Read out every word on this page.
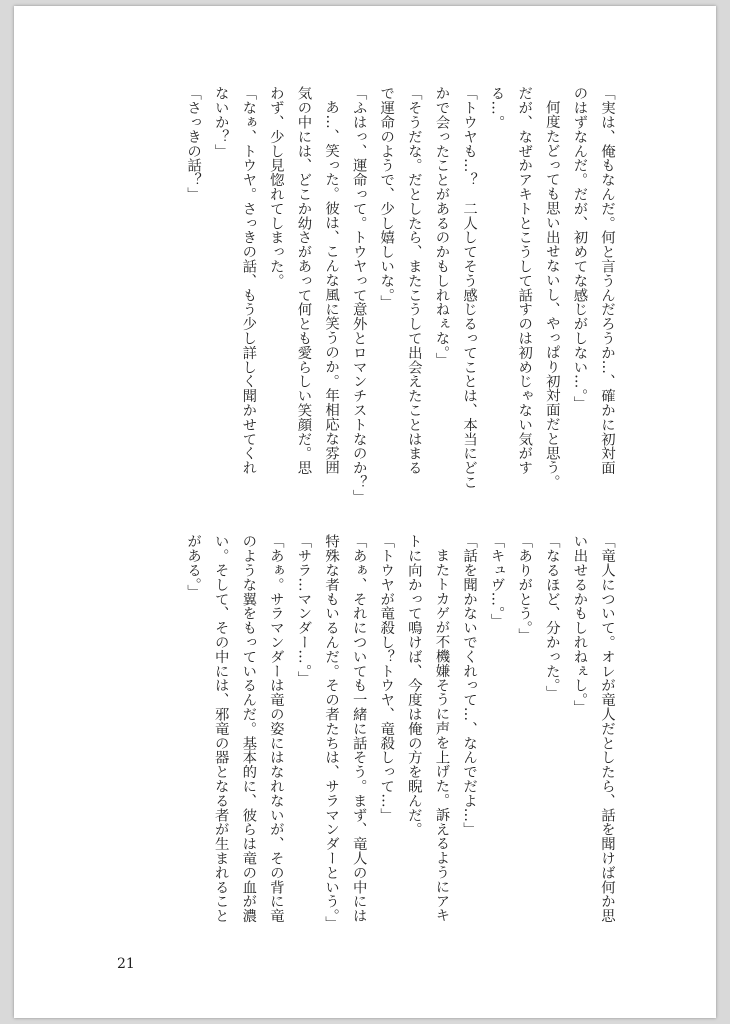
「実は、俺もなんだ。何と言うんだろうか…、確かに初対面

のはずなんだ。だが、初めてな感じがしない…。」

何度たどっても思い出せないし、やっぱり初対面だと思う。

だが、なぜかアキトとこうして話すのは初めじゃない気がす

る…。

「トウヤも…？　二人してそう感じるってことは、本当にどこ

かで会ったことがあるのかもしれねぇな。」

「そうだな。だとしたら、またこうして出会えたことはまる

で運命のようで、少し嬉しいな。」

「ふはっ、運命って。トウヤって意外とロマンチストなのか？」

あ…、笑った。彼は、こんな風に笑うのか。年相応な雰囲

気の中には、どこか幼さがあって何とも愛らしい笑顔だ。思

わず、少し見惚れてしまった。

「なぁ、トウヤ。さっきの話、もう少し詳しく聞かせてくれ

ないか？」

「さっきの話？」

「竜人について。オレが竜人だとしたら、話を聞けば何か思

い出せるかもしれねぇし。」

「なるほど、分かった。」

「ありがとう。」

「キュヴ…。」

「話を聞かないでくれって…、なんでだよ…」

またトカゲが不機嫌そうに声を上げた。訴えるようにアキ

トに向かって鳴けば、今度は俺の方を睨んだ。

「トウヤが竜殺し？トウヤ、竜殺しって…」

「あぁ、それについても一緒に話そう。まず、竜人の中には

特殊な者もいるんだ。その者たちは、サラマンダーという。」

「サラ…マンダー…。」

「あぁ。サラマンダーは竜の姿にはなれないが、その背に竜

のような翼をもっているんだ。基本的に、彼らは竜の血が濃

い。そして、その中には、邪竜の器となる者が生まれること

がある。」

21
